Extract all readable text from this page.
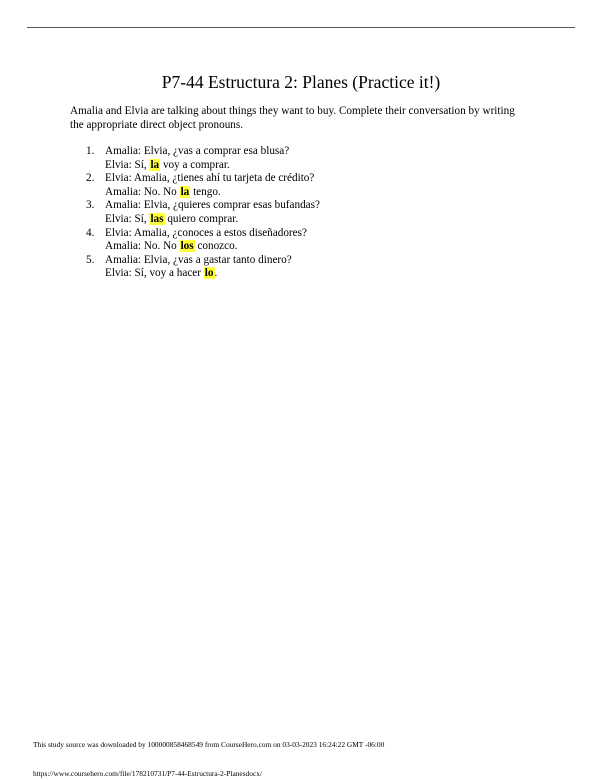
P7-44 Estructura 2: Planes (Practice it!)
Amalia and Elvia are talking about things they want to buy. Complete their conversation by writing the appropriate direct object pronouns.
1. Amalia: Elvia, ¿vas a comprar esa blusa?
Elvia: Sí, la voy a comprar.
2. Elvia: Amalia, ¿tienes ahí tu tarjeta de crédito?
Amalia: No. No la tengo.
3. Amalia: Elvia, ¿quieres comprar esas bufandas?
Elvia: Sí, las quiero comprar.
4. Elvia: Amalia, ¿conoces a estos diseñadores?
Amalia: No. No los conozco.
5. Amalia: Elvia, ¿vas a gastar tanto dinero?
Elvia: Sí, voy a hacer lo.
This study source was downloaded by 100000858468549 from CourseHero.com on 03-03-2023 16:24:22 GMT -06:00
https://www.coursehero.com/file/178210731/P7-44-Estructura-2-Planesdocx/
